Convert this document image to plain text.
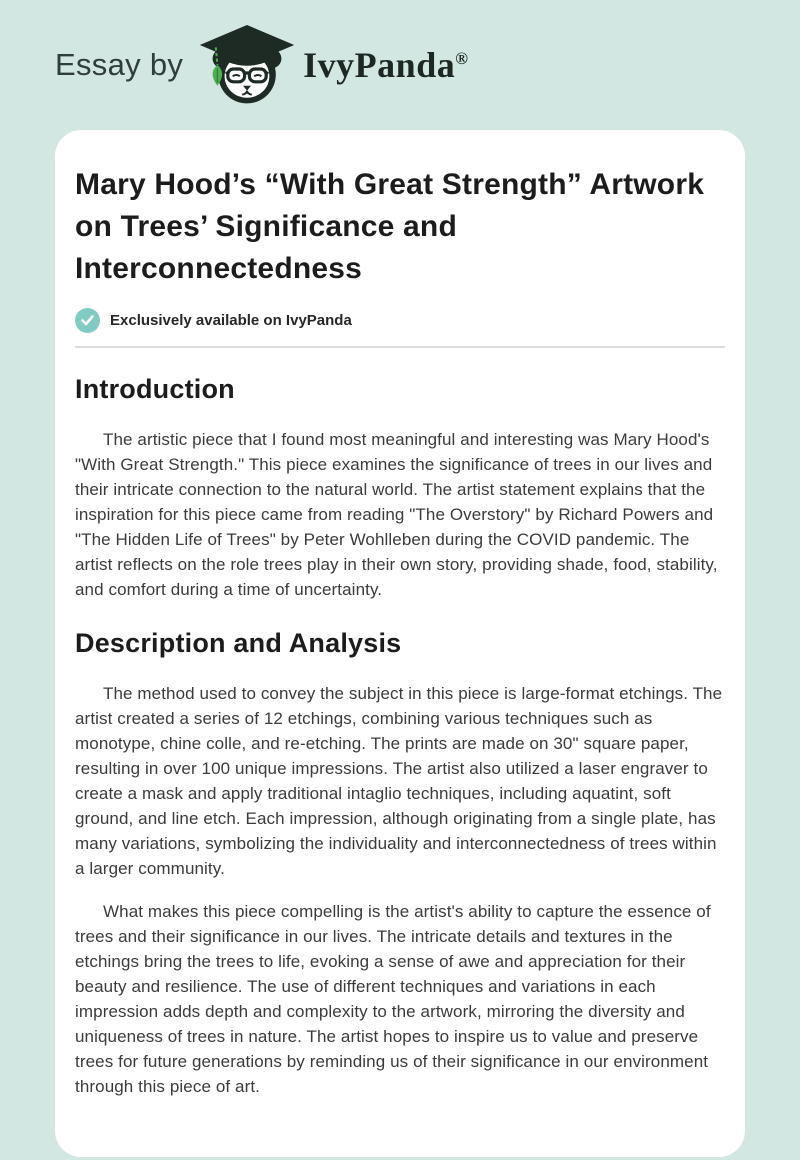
Essay by	IvyPanda®
Mary Hood’s “With Great Strength” Artwork on Trees’ Significance and Interconnectedness
Exclusively available on IvyPanda
Introduction

The artistic piece that I found most meaningful and interesting was Mary Hood's "With Great Strength." This piece examines the significance of trees in our lives and their intricate connection to the natural world. The artist statement explains that the inspiration for this piece came from reading "The Overstory" by Richard Powers and "The Hidden Life of Trees" by Peter Wohlleben during the COVID pandemic. The artist reflects on the role trees play in their own story, providing shade, food, stability, and comfort during a time of uncertainty.

Description and Analysis

The method used to convey the subject in this piece is large-format etchings. The artist created a series of 12 etchings, combining various techniques such as monotype, chine colle, and re-etching. The prints are made on 30" square paper, resulting in over 100 unique impressions. The artist also utilized a laser engraver to create a mask and apply traditional intaglio techniques, including aquatint, soft ground, and line etch. Each impression, although originating from a single plate, has many variations, symbolizing the individuality and interconnectedness of trees within a larger community.

What makes this piece compelling is the artist's ability to capture the essence of trees and their significance in our lives. The intricate details and textures in the etchings bring the trees to life, evoking a sense of awe and appreciation for their beauty and resilience. The use of different techniques and variations in each impression adds depth and complexity to the artwork, mirroring the diversity and uniqueness of trees in nature. The artist hopes to inspire us to value and preserve trees for future generations by reminding us of their significance in our environment through this piece of art.
